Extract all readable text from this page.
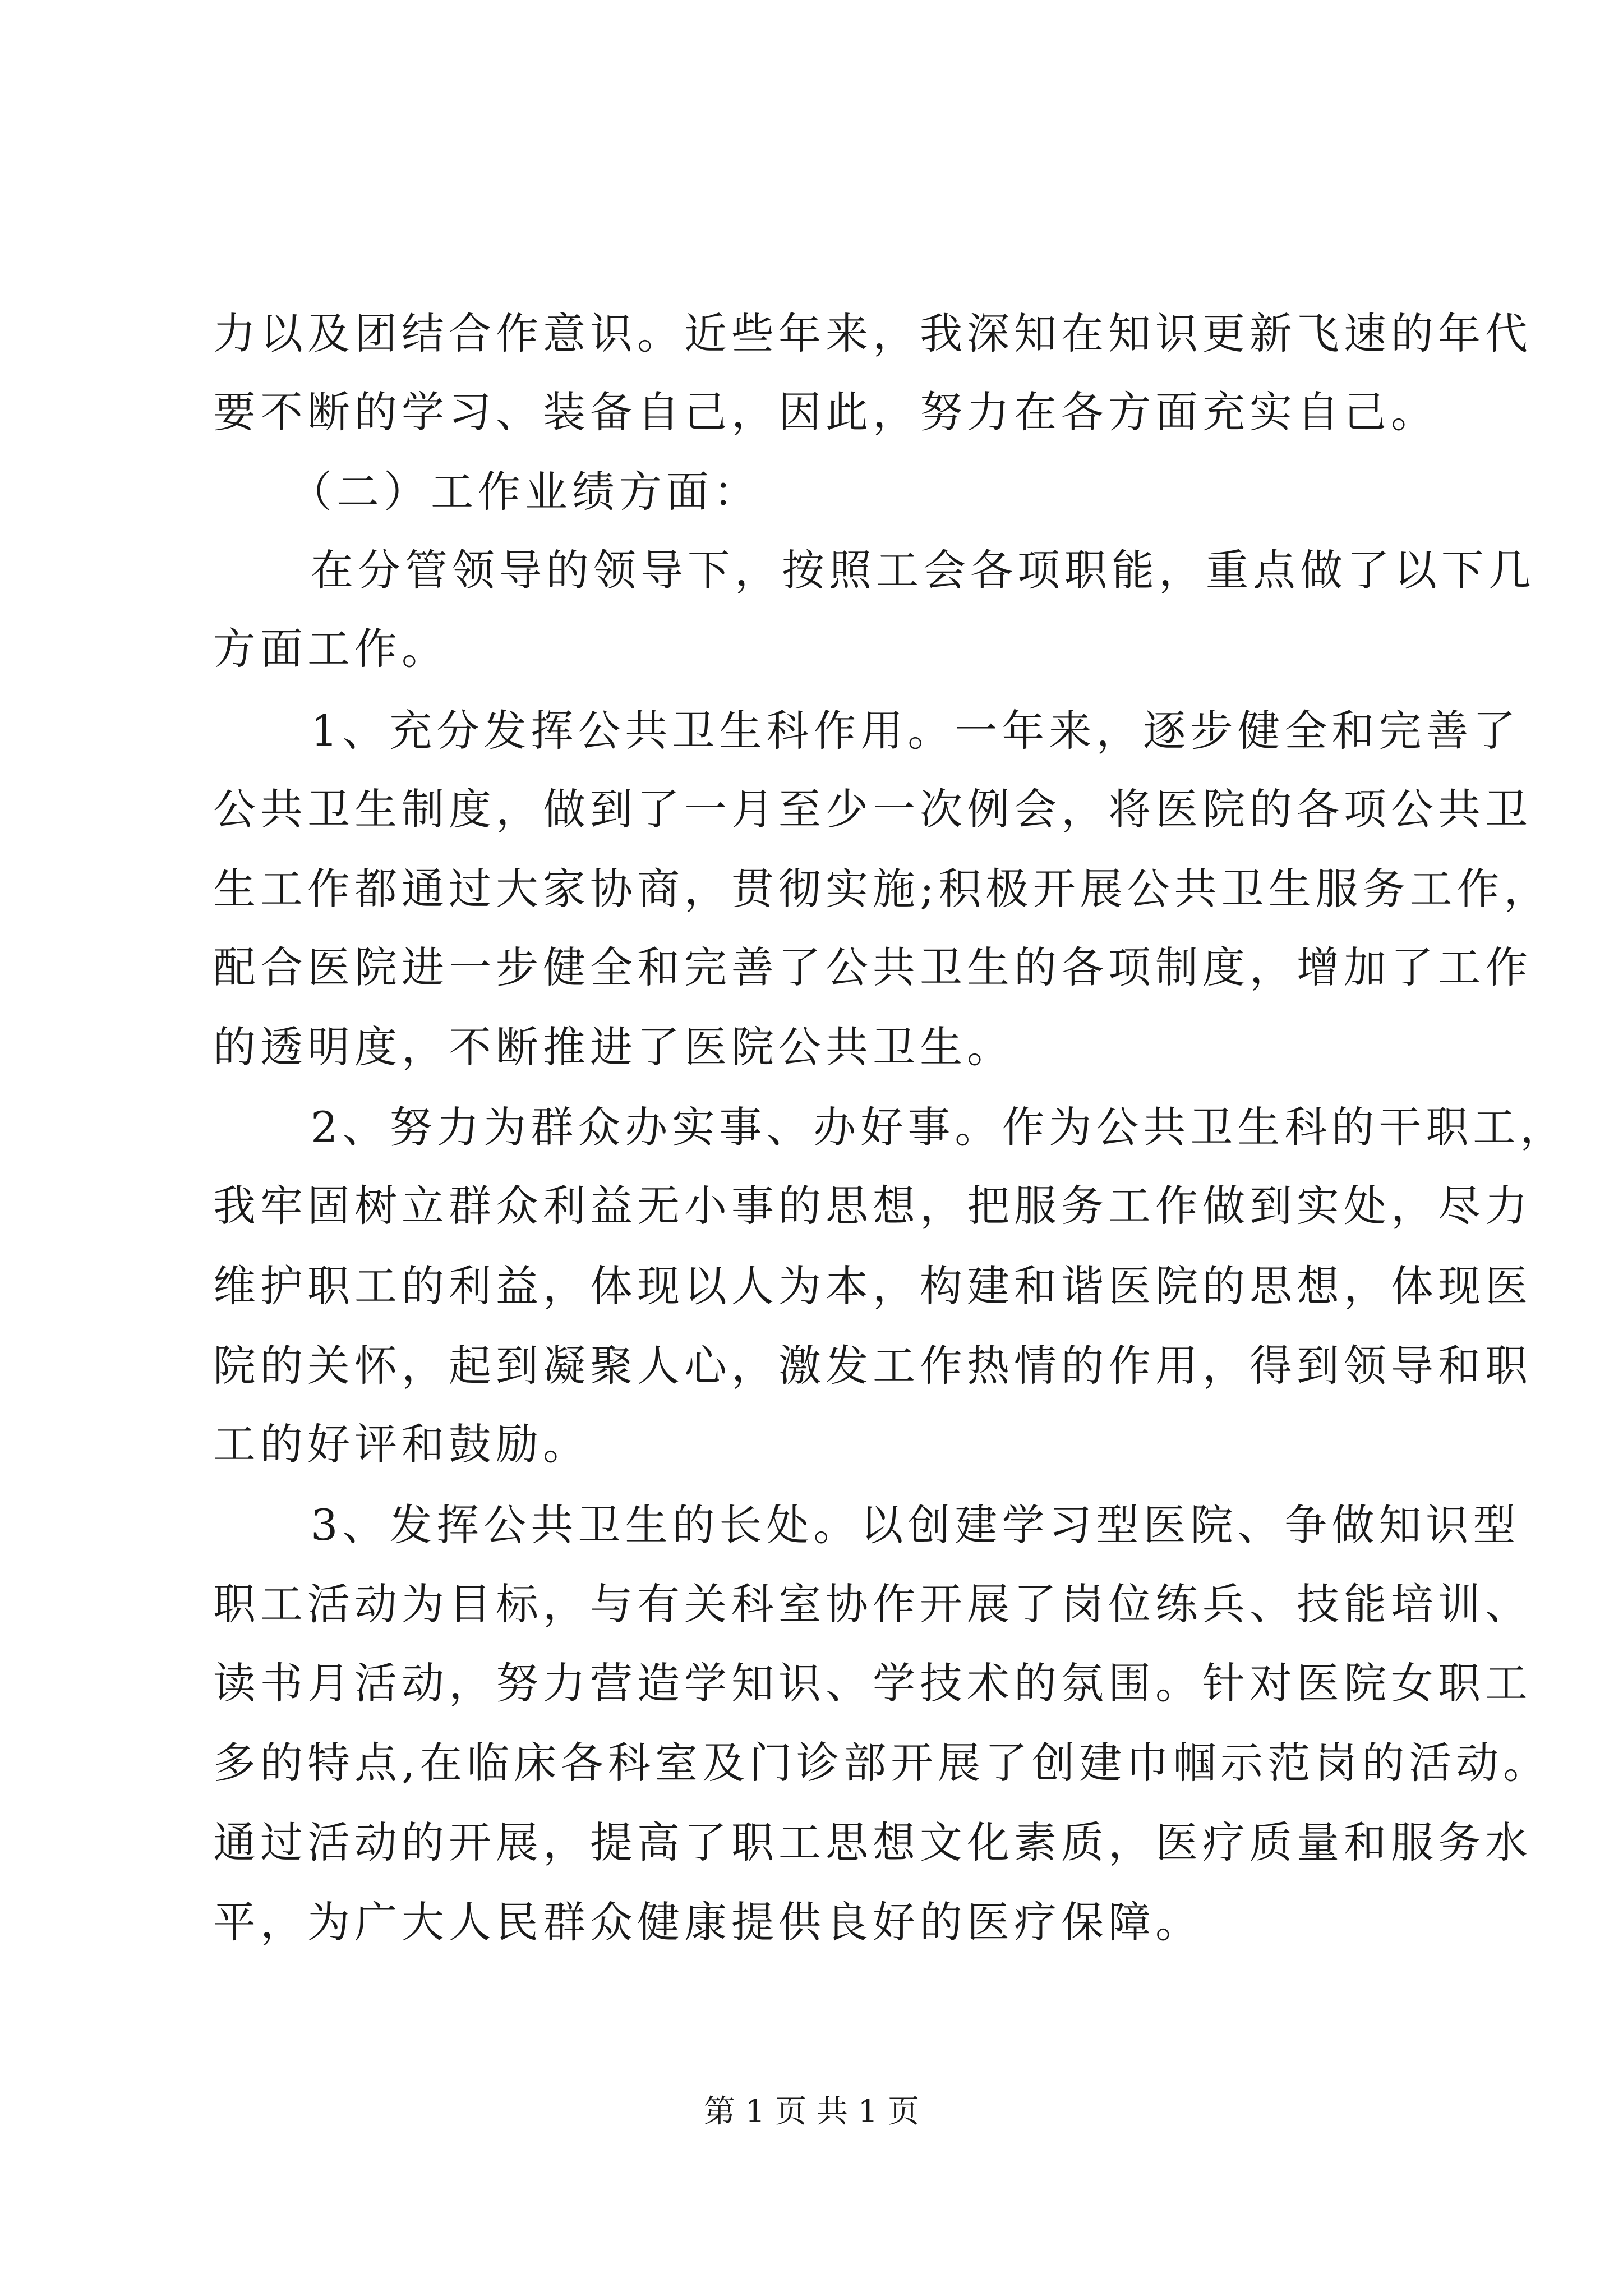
力以及团结合作意识。近些年来，我深知在知识更新飞速的年代
要不断的学习、装备自己，因此，努力在各方面充实自己。
　（二）工作业绩方面：
　在分管领导的领导下，按照工会各项职能，重点做了以下几
方面工作。
　1、充分发挥公共卫生科作用。一年来，逐步健全和完善了
公共卫生制度，做到了一月至少一次例会，将医院的各项公共卫
生工作都通过大家协商，贯彻实施;积极开展公共卫生服务工作，
配合医院进一步健全和完善了公共卫生的各项制度，增加了工作
的透明度，不断推进了医院公共卫生。
　2、努力为群众办实事、办好事。作为公共卫生科的干职工，
我牢固树立群众利益无小事的思想，把服务工作做到实处，尽力
维护职工的利益，体现以人为本，构建和谐医院的思想，体现医
院的关怀，起到凝聚人心，激发工作热情的作用，得到领导和职
工的好评和鼓励。
　3、发挥公共卫生的长处。以创建学习型医院、争做知识型
职工活动为目标，与有关科室协作开展了岗位练兵、技能培训、
读书月活动，努力营造学知识、学技术的氛围。针对医院女职工
多的特点,在临床各科室及门诊部开展了创建巾帼示范岗的活动。
通过活动的开展，提高了职工思想文化素质，医疗质量和服务水
平，为广大人民群众健康提供良好的医疗保障。
第 1 页 共 1 页
